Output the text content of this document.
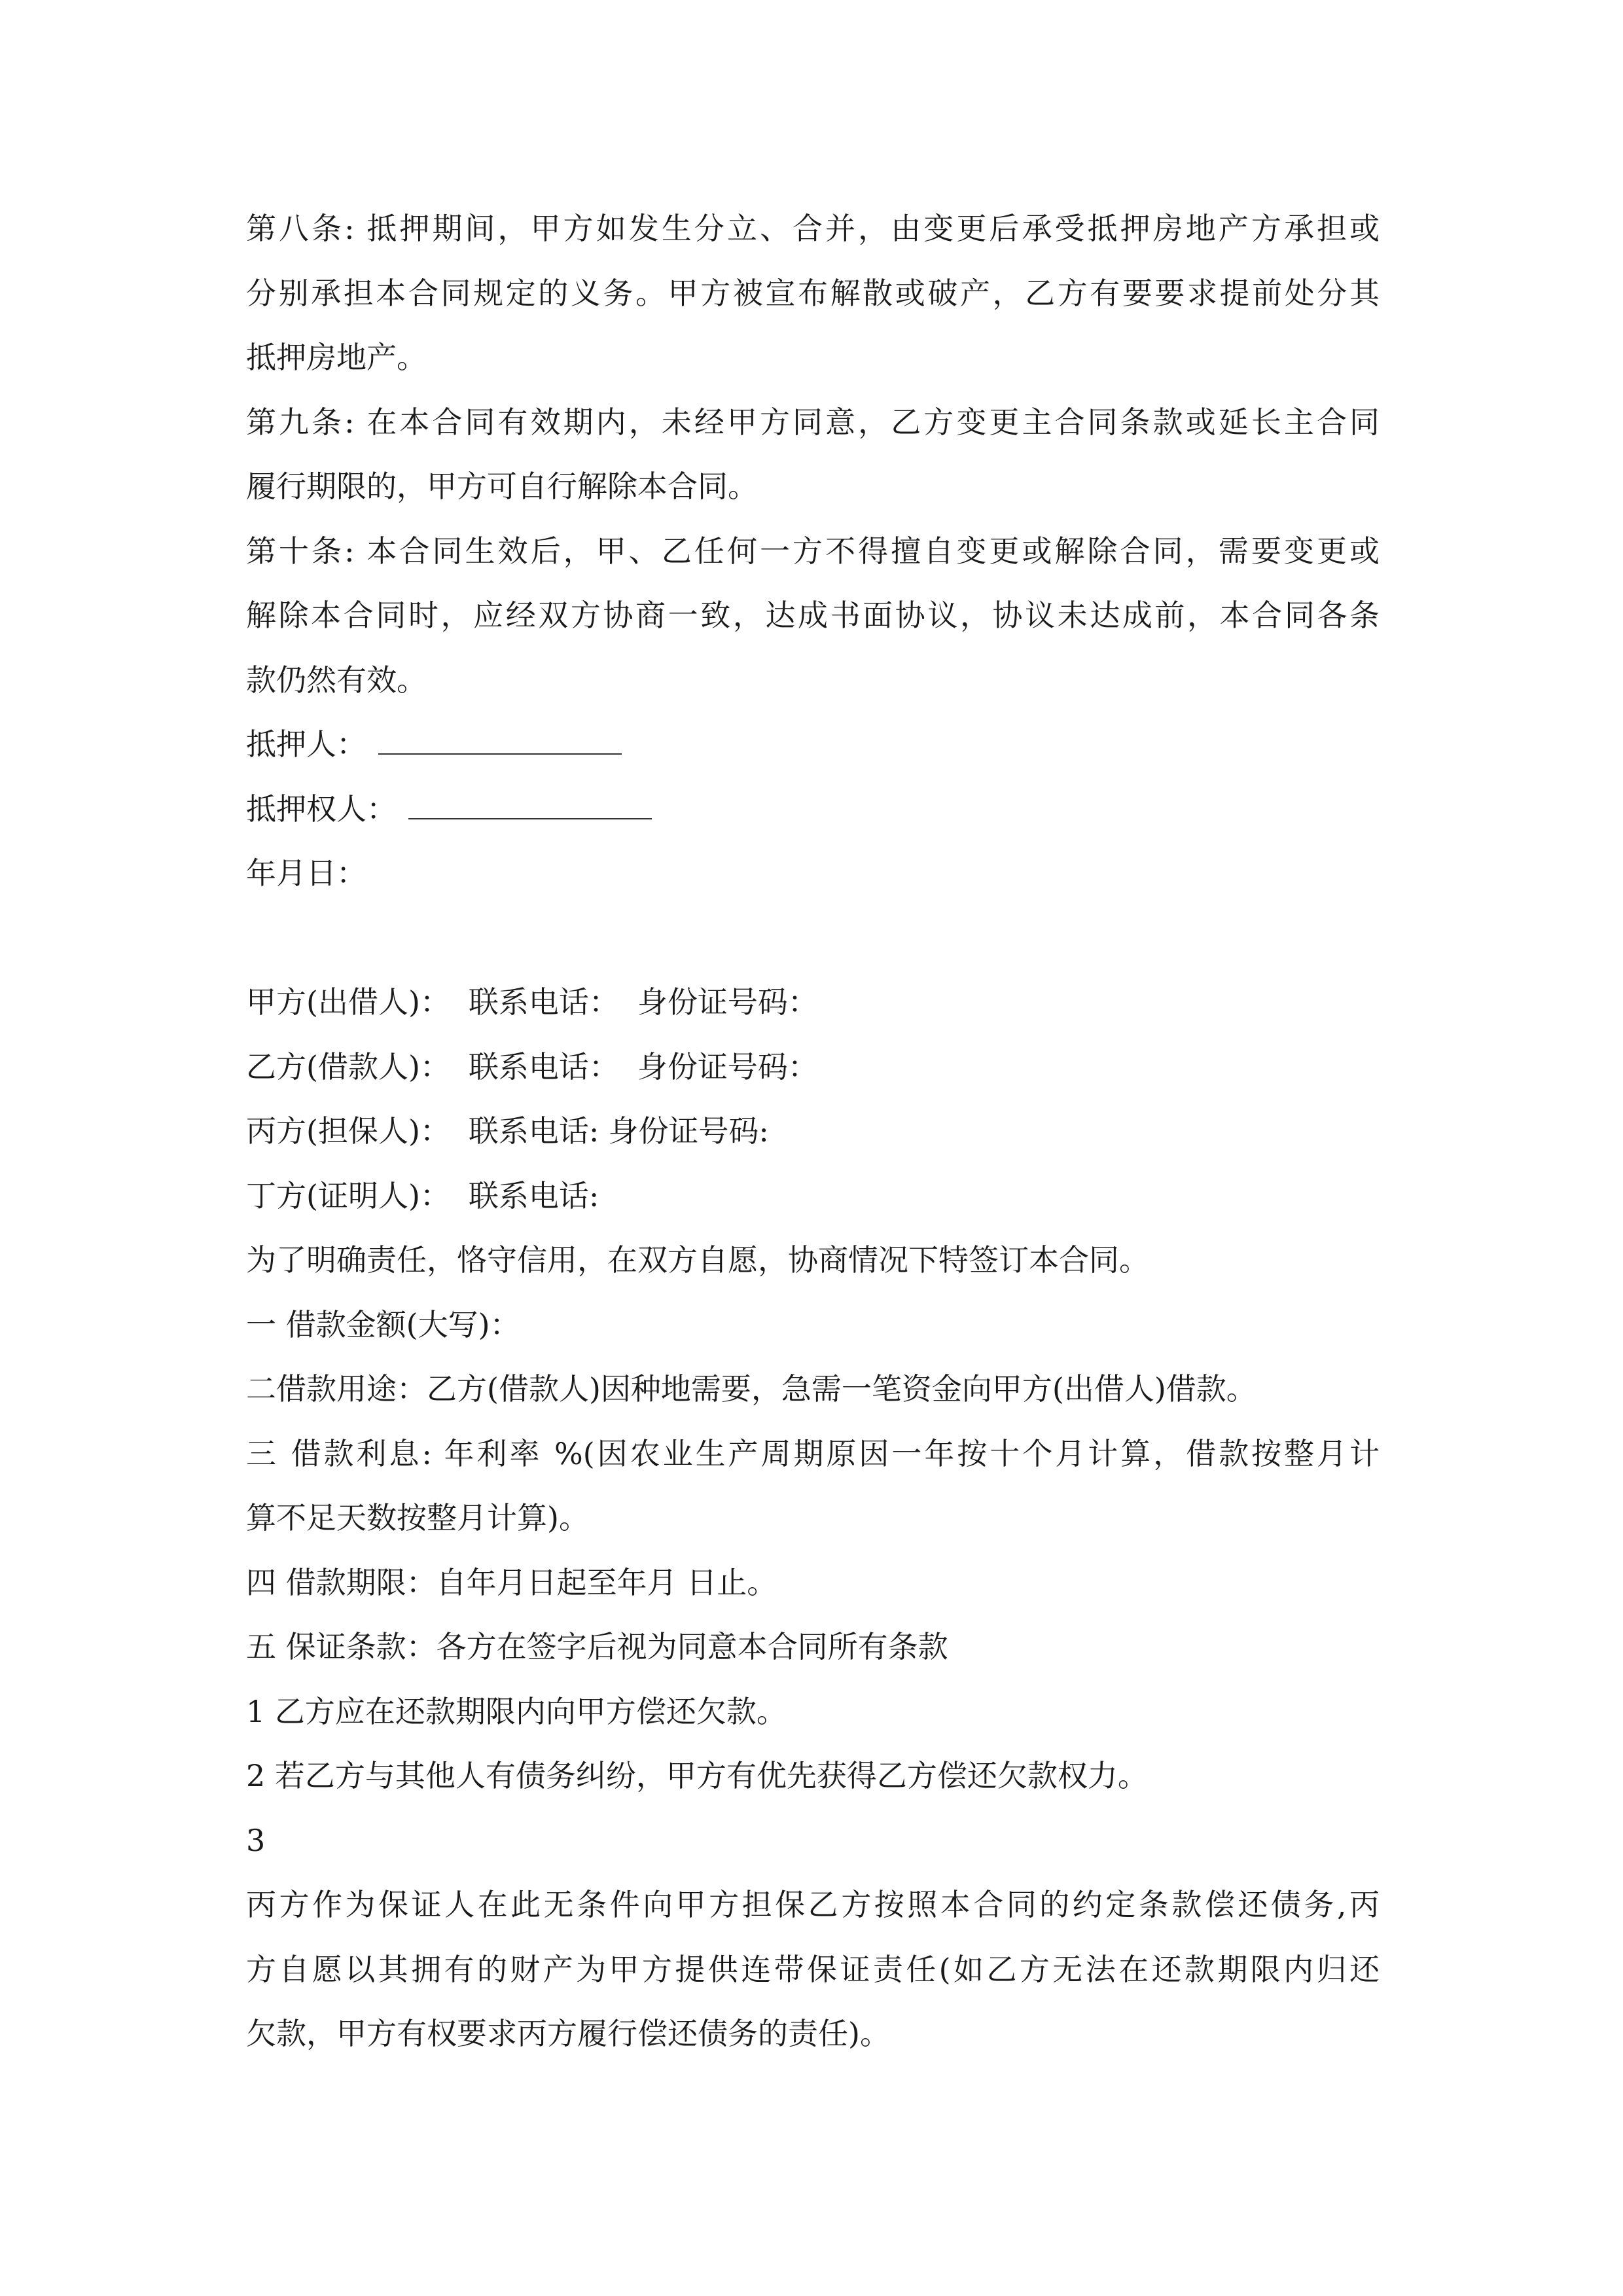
第八条: 抵押期间，甲方如发生分立、合并，由变更后承受抵押房地产方承担或

分别承担本合同规定的义务。甲方被宣布解散或破产，乙方有要要求提前处分其

抵押房地产。

第九条: 在本合同有效期内，未经甲方同意，乙方变更主合同条款或延长主合同

履行期限的，甲方可自行解除本合同。

第十条: 本合同生效后，甲、乙任何一方不得擅自变更或解除合同，需要变更或

解除本合同时，应经双方协商一致，达成书面协议，协议未达成前，本合同各条

款仍然有效。

抵押人：

抵押权人：

年月日：

甲方(出借人)： 联系电话： 身份证号码：

乙方(借款人)： 联系电话： 身份证号码：

丙方(担保人)： 联系电话: 身份证号码:

丁方(证明人)： 联系电话:

为了明确责任，恪守信用，在双方自愿，协商情况下特签订本合同。

一 借款金额(大写)：

二借款用途：乙方(借款人)因种地需要，急需一笔资金向甲方(出借人)借款。

三 借款利息: 年利率 %(因农业生产周期原因一年按十个月计算，借款按整月计

算不足天数按整月计算)。

四 借款期限：自年月日起至年月 日止。

五 保证条款：各方在签字后视为同意本合同所有条款

1 乙方应在还款期限内向甲方偿还欠款。

2 若乙方与其他人有债务纠纷，甲方有优先获得乙方偿还欠款权力。

3

丙方作为保证人在此无条件向甲方担保乙方按照本合同的约定条款偿还债务,丙

方自愿以其拥有的财产为甲方提供连带保证责任(如乙方无法在还款期限内归还

欠款，甲方有权要求丙方履行偿还债务的责任)。
